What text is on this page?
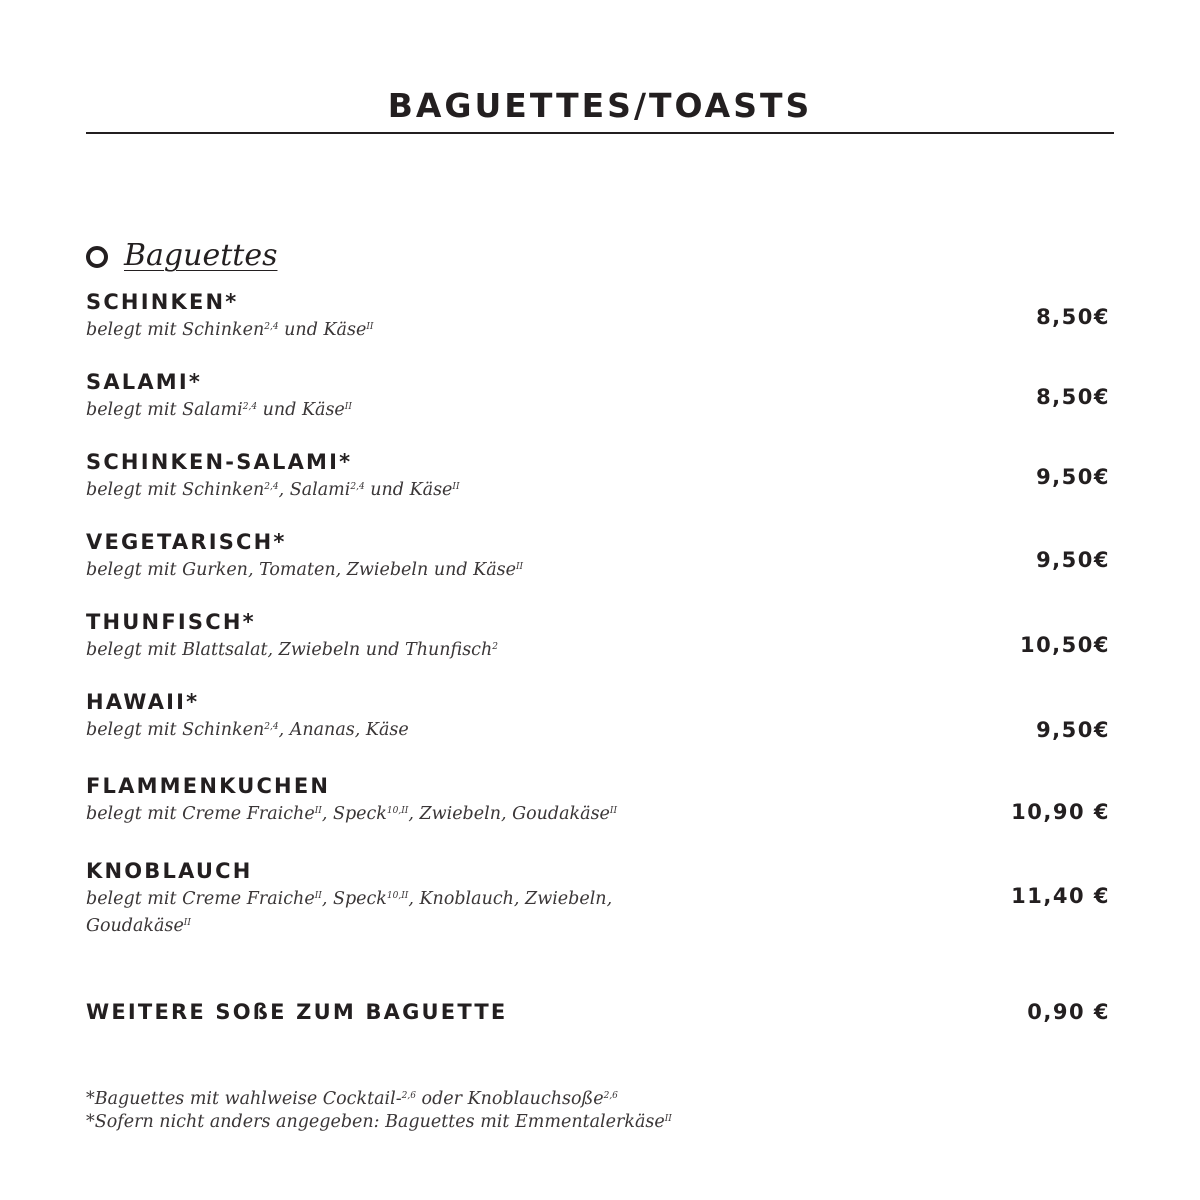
BAGUETTES/TOASTS
Baguettes
SCHINKEN*
belegt mit Schinken$^{2,4}$ und Käse$^{II}$	8,50€
SALAMI*
belegt mit Salami$^{2,4}$ und Käse$^{II}$	8,50€
SCHINKEN-SALAMI*
belegt mit Schinken$^{2,4}$, Salami$^{2,4}$ und Käse$^{II}$	9,50€
VEGETARISCH*
belegt mit Gurken, Tomaten, Zwiebeln und Käse$^{II}$	9,50€
THUNFISCH*
belegt mit Blattsalat, Zwiebeln und Thunfisch$^2$	10,50€
HAWAII*
belegt mit Schinken$^{2,4}$, Ananas, Käse	9,50€
FLAMMENKUCHEN
belegt mit Creme Fraiche$^{II}$, Speck$^{10,II}$, Zwiebeln, Goudakäse$^{II}$	10,90 €
KNOBLAUCH
belegt mit Creme Fraiche$^{II}$, Speck$^{10,II}$, Knoblauch, Zwiebeln, Goudakäse$^{II}$
11,40 €
WEITERE SOßE ZUM BAGUETTE	0,90 €
*Baguettes mit wahlweise Cocktail-$^{2,6}$ oder Knoblauchsoße$^{2,6}$
*Sofern nicht anders angegeben: Baguettes mit Emmentalerkäse$^{II}$
